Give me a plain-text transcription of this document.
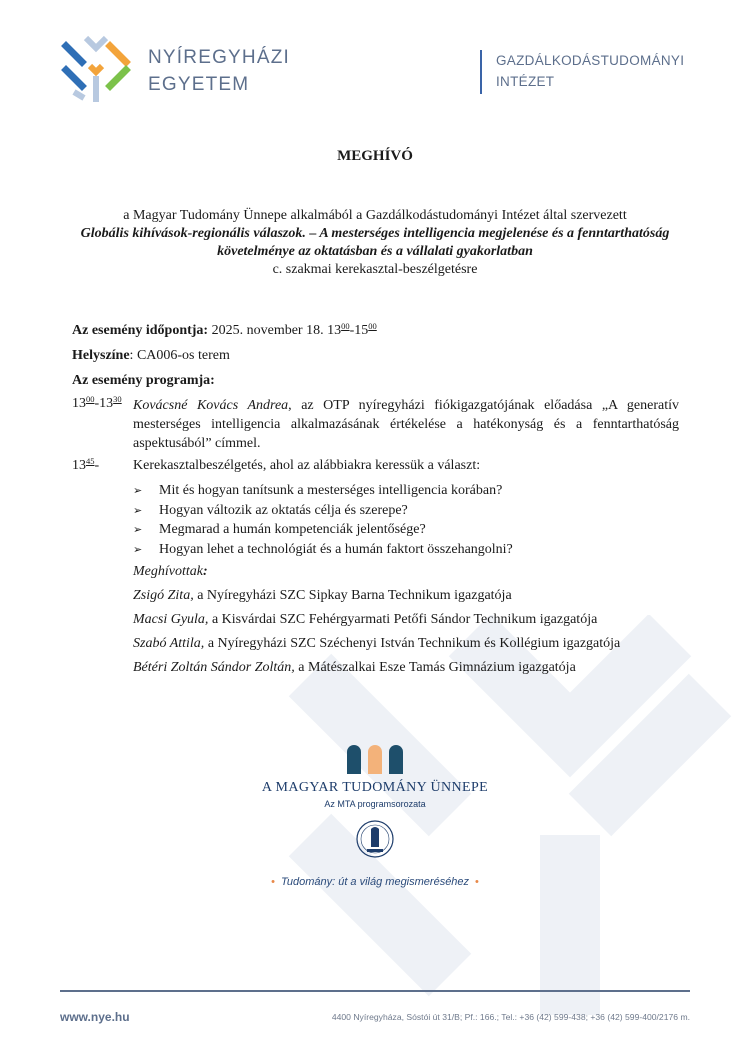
NYÍREGYHÁZI
EGYETEM
GAZDÁLKODÁSTUDOMÁNYI
INTÉZET
MEGHÍVÓ
a Magyar Tudomány Ünnepe alkalmából a Gazdálkodástudományi Intézet által szervezett
Globális kihívások-regionális válaszok. – A mesterséges intelligencia megjelenése és a fenntarthatóság követelménye az oktatásban és a vállalati gyakorlatban
c. szakmai kerekasztal-beszélgetésre
Az esemény időpontja: 2025. november 18. $13^{00}-15^{00}$
Helyszíne: CA006-os terem
Az esemény programja:
$13^{00}-13^{30}$ Kovácsné Kovács Andrea, az OTP nyíregyházi fiókigazgatójának előadása „A generatív mesterséges intelligencia alkalmazásának értékelése a hatékonyság és a fenntarthatóság aspektusából” címmel.
$13^{45}-$ Kerekasztalbeszélgetés, ahol az alábbiakra keressük a választ:
➢ Mit és hogyan tanítsunk a mesterséges intelligencia korában?
➢ Hogyan változik az oktatás célja és szerepe?
➢ Megmarad a humán kompetenciák jelentősége?
➢ Hogyan lehet a technológiát és a humán faktort összehangolni?
Meghívottak:
Zsigó Zita, a Nyíregyházi SZC Sipkay Barna Technikum igazgatója
Macsi Gyula, a Kisvárdai SZC Fehérgyarmati Petőfi Sándor Technikum igazgatója
Szabó Attila, a Nyíregyházi SZC Széchenyi István Technikum és Kollégium igazgatója
Bétéri Zoltán Sándor Zoltán, a Mátészalkai Esze Tamás Gimnázium igazgatója
A MAGYAR TUDOMÁNY ÜNNEPE
Az MTA programsorozata
• Tudomány: út a világ megismeréséhez •
www.nye.hu	4400 Nyíregyháza, Sóstói út 31/B; Pf.: 166.; Tel.: +36 (42) 599-438; +36 (42) 599-400/2176 m.
